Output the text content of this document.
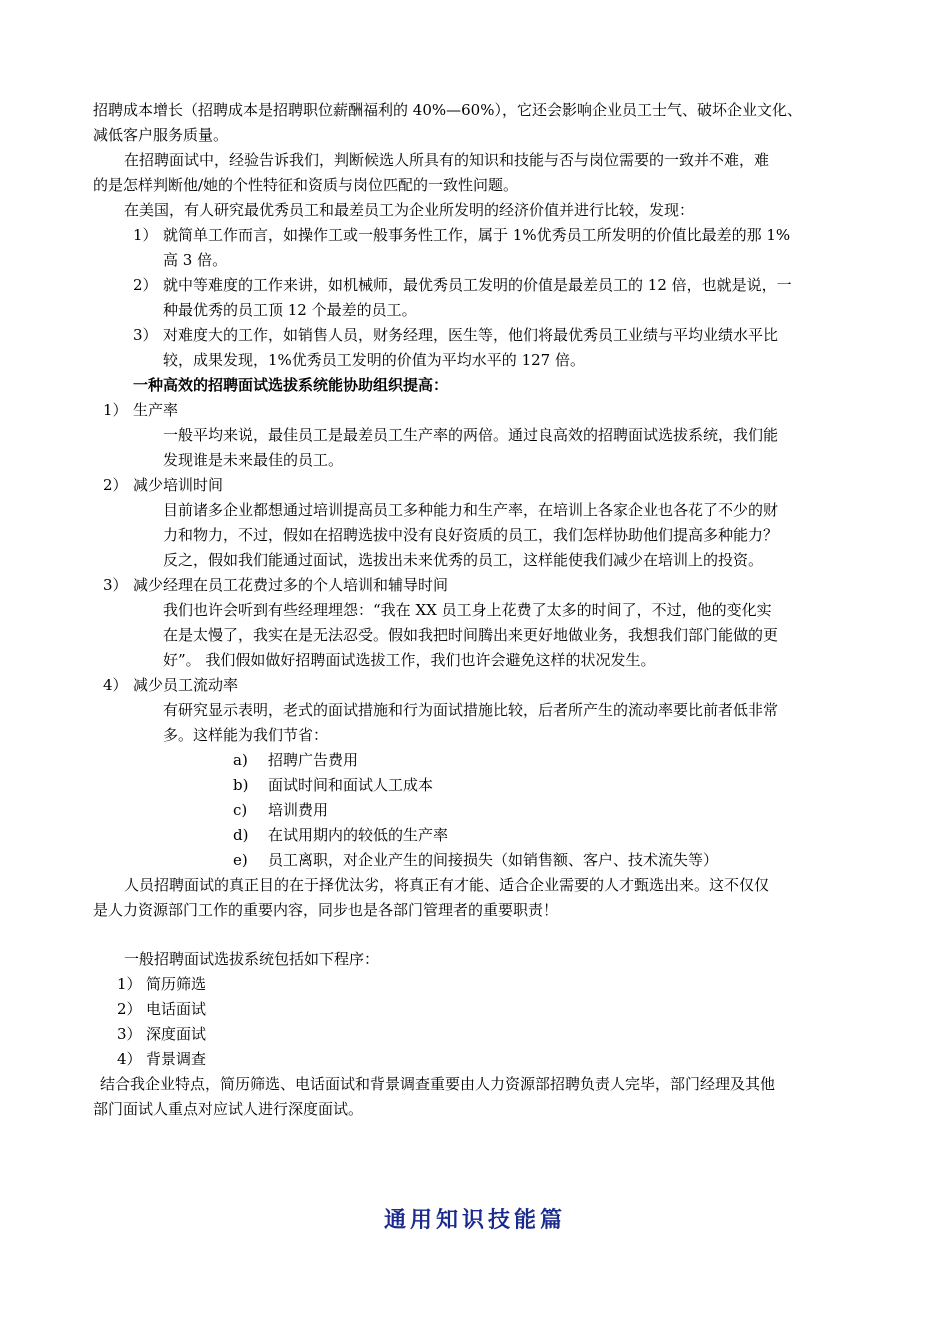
招聘成本增长（招聘成本是招聘职位薪酬福利的 40%—60%），它还会影响企业员工士气、破坏企业文化、
减低客户服务质量。
在招聘面试中，经验告诉我们，判断候选人所具有的知识和技能与否与岗位需要的一致并不难，难
的是怎样判断他/她的个性特征和资质与岗位匹配的一致性问题。
在美国，有人研究最优秀员工和最差员工为企业所发明的经济价值并进行比较，发现：
1） 就简单工作而言，如操作工或一般事务性工作，属于 1%优秀员工所发明的价值比最差的那 1%
高 3 倍。
2） 就中等难度的工作来讲，如机械师，最优秀员工发明的价值是最差员工的 12 倍，也就是说，一
种最优秀的员工顶 12 个最差的员工。
3） 对难度大的工作，如销售人员，财务经理，医生等，他们将最优秀员工业绩与平均业绩水平比
较，成果发现，1%优秀员工发明的价值为平均水平的 127 倍。
一种高效的招聘面试选拔系统能协助组织提高：
1） 生产率
一般平均来说，最佳员工是最差员工生产率的两倍。通过良高效的招聘面试选拔系统，我们能
发现谁是未来最佳的员工。
2） 减少培训时间
目前诸多企业都想通过培训提高员工多种能力和生产率，在培训上各家企业也各花了不少的财
力和物力，不过，假如在招聘选拔中没有良好资质的员工，我们怎样协助他们提高多种能力？
反之，假如我们能通过面试，选拔出未来优秀的员工，这样能使我们减少在培训上的投资。
3） 减少经理在员工花费过多的个人培训和辅导时间
我们也许会听到有些经理埋怨：“我在 XX 员工身上花费了太多的时间了，不过，他的变化实
在是太慢了，我实在是无法忍受。假如我把时间腾出来更好地做业务，我想我们部门能做的更
好”。 我们假如做好招聘面试选拔工作，我们也许会避免这样的状况发生。
4） 减少员工流动率
有研究显示表明，老式的面试措施和行为面试措施比较，后者所产生的流动率要比前者低非常
多。这样能为我们节省：
a) 招聘广告费用
b) 面试时间和面试人工成本
c) 培训费用
d) 在试用期内的较低的生产率
e) 员工离职，对企业产生的间接损失（如销售额、客户、技术流失等）
人员招聘面试的真正目的在于择优汰劣，将真正有才能、适合企业需要的人才甄选出来。这不仅仅
是人力资源部门工作的重要内容，同步也是各部门管理者的重要职责！
一般招聘面试选拔系统包括如下程序：
1） 简历筛选
2） 电话面试
3） 深度面试
4） 背景调查
结合我企业特点，简历筛选、电话面试和背景调查重要由人力资源部招聘负责人完毕，部门经理及其他
部门面试人重点对应试人进行深度面试。
通用知识技能篇
